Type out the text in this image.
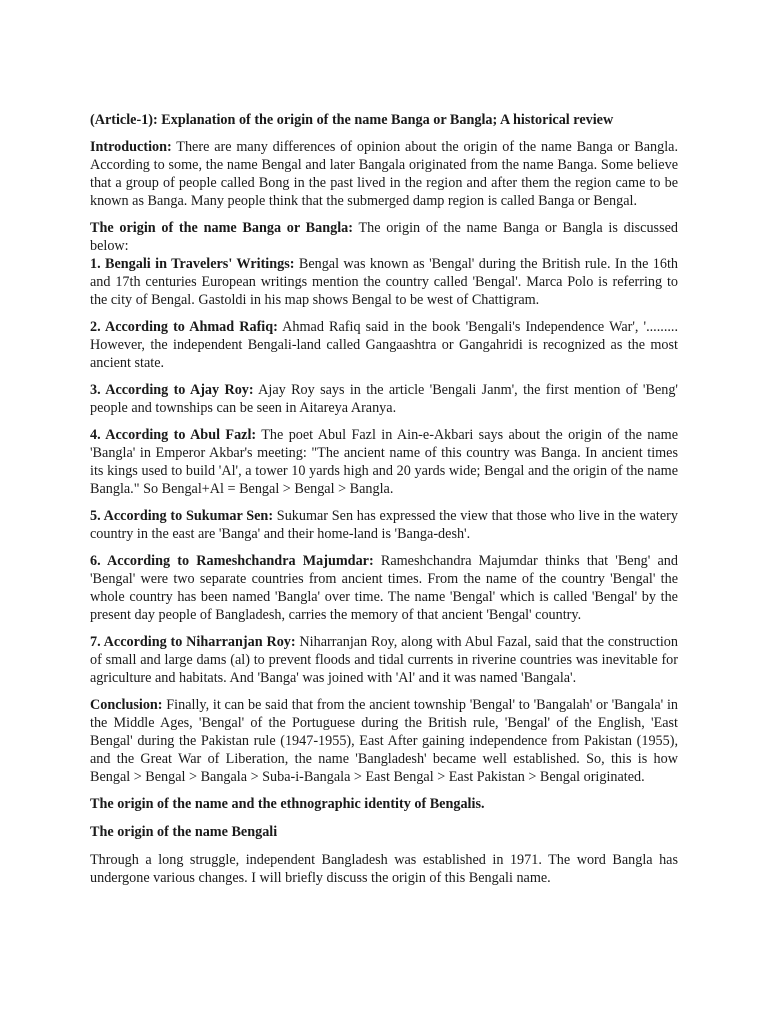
(Article-1): Explanation of the origin of the name Banga or Bangla; A historical review

Introduction: There are many differences of opinion about the origin of the name Banga or Bangla. According to some, the name Bengal and later Bangala originated from the name Banga. Some believe that a group of people called Bong in the past lived in the region and after them the region came to be known as Banga. Many people think that the submerged damp region is called Banga or Bengal.

The origin of the name Banga or Bangla: The origin of the name Banga or Bangla is discussed below:

1. Bengali in Travelers' Writings: Bengal was known as 'Bengal' during the British rule. In the 16th and 17th centuries European writings mention the country called 'Bengal'. Marca Polo is referring to the city of Bengal. Gastoldi in his map shows Bengal to be west of Chattigram.

2. According to Ahmad Rafiq: Ahmad Rafiq said in the book 'Bengali's Independence War', '......... However, the independent Bengali-land called Gangaashtra or Gangahridi is recognized as the most ancient state.

3. According to Ajay Roy: Ajay Roy says in the article 'Bengali Janm', the first mention of 'Beng' people and townships can be seen in Aitareya Aranya.

4. According to Abul Fazl: The poet Abul Fazl in Ain-e-Akbari says about the origin of the name 'Bangla' in Emperor Akbar's meeting: "The ancient name of this country was Banga. In ancient times its kings used to build 'Al', a tower 10 yards high and 20 yards wide; Bengal and the origin of the name Bangla." So Bengal+Al = Bengal > Bengal > Bangla.

5. According to Sukumar Sen: Sukumar Sen has expressed the view that those who live in the watery country in the east are 'Banga' and their home-land is 'Banga-desh'.

6. According to Rameshchandra Majumdar: Rameshchandra Majumdar thinks that 'Beng' and 'Bengal' were two separate countries from ancient times. From the name of the country 'Bengal' the whole country has been named 'Bangla' over time. The name 'Bengal' which is called 'Bengal' by the present day people of Bangladesh, carries the memory of that ancient 'Bengal' country.

7. According to Niharranjan Roy: Niharranjan Roy, along with Abul Fazal, said that the construction of small and large dams (al) to prevent floods and tidal currents in riverine countries was inevitable for agriculture and habitats. And 'Banga' was joined with 'Al' and it was named 'Bangala'.

Conclusion: Finally, it can be said that from the ancient township 'Bengal' to 'Bangalah' or 'Bangala' in the Middle Ages, 'Bengal' of the Portuguese during the British rule, 'Bengal' of the English, 'East Bengal' during the Pakistan rule (1947-1955), East After gaining independence from Pakistan (1955), and the Great War of Liberation, the name 'Bangladesh' became well established. So, this is how Bengal > Bengal > Bangala > Suba-i-Bangala > East Bengal > East Pakistan > Bengal originated.

The origin of the name and the ethnographic identity of Bengalis.
The origin of the name Bengali

Through a long struggle, independent Bangladesh was established in 1971. The word Bangla has undergone various changes. I will briefly discuss the origin of this Bengali name.
